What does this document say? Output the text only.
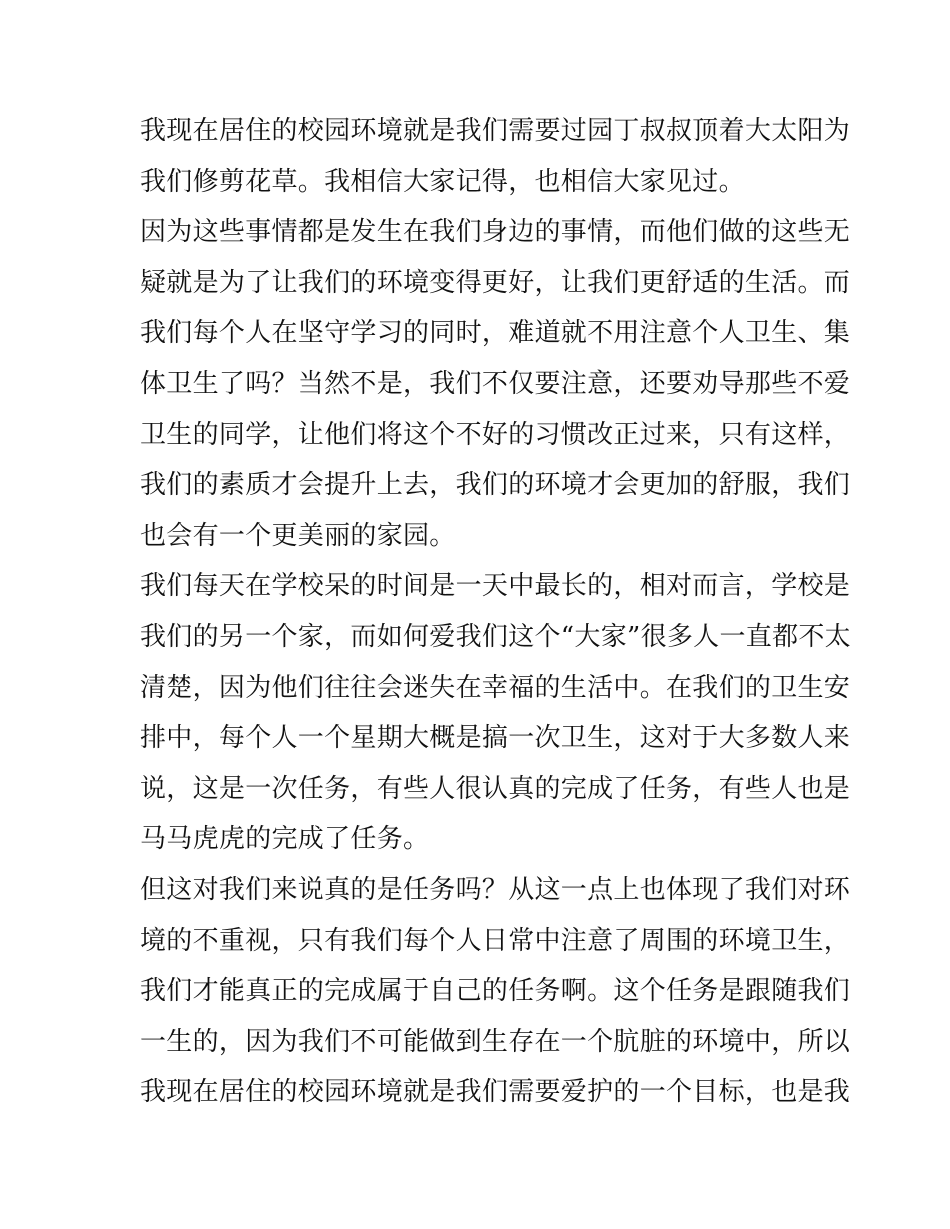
我现在居住的校园环境就是我们需要过园丁叔叔顶着大太阳为
我们修剪花草。我相信大家记得，也相信大家见过。
因为这些事情都是发生在我们身边的事情，而他们做的这些无
疑就是为了让我们的环境变得更好，让我们更舒适的生活。而
我们每个人在坚守学习的同时，难道就不用注意个人卫生、集
体卫生了吗？当然不是，我们不仅要注意，还要劝导那些不爱
卫生的同学，让他们将这个不好的习惯改正过来，只有这样，
我们的素质才会提升上去，我们的环境才会更加的舒服，我们
也会有一个更美丽的家园。
我们每天在学校呆的时间是一天中最长的，相对而言，学校是
我们的另一个家，而如何爱我们这个“大家”很多人一直都不太
清楚，因为他们往往会迷失在幸福的生活中。在我们的卫生安
排中，每个人一个星期大概是搞一次卫生，这对于大多数人来
说，这是一次任务，有些人很认真的完成了任务，有些人也是
马马虎虎的完成了任务。
但这对我们来说真的是任务吗？从这一点上也体现了我们对环
境的不重视，只有我们每个人日常中注意了周围的环境卫生，
我们才能真正的完成属于自己的任务啊。这个任务是跟随我们
一生的，因为我们不可能做到生存在一个肮脏的环境中，所以
我现在居住的校园环境就是我们需要爱护的一个目标，也是我
